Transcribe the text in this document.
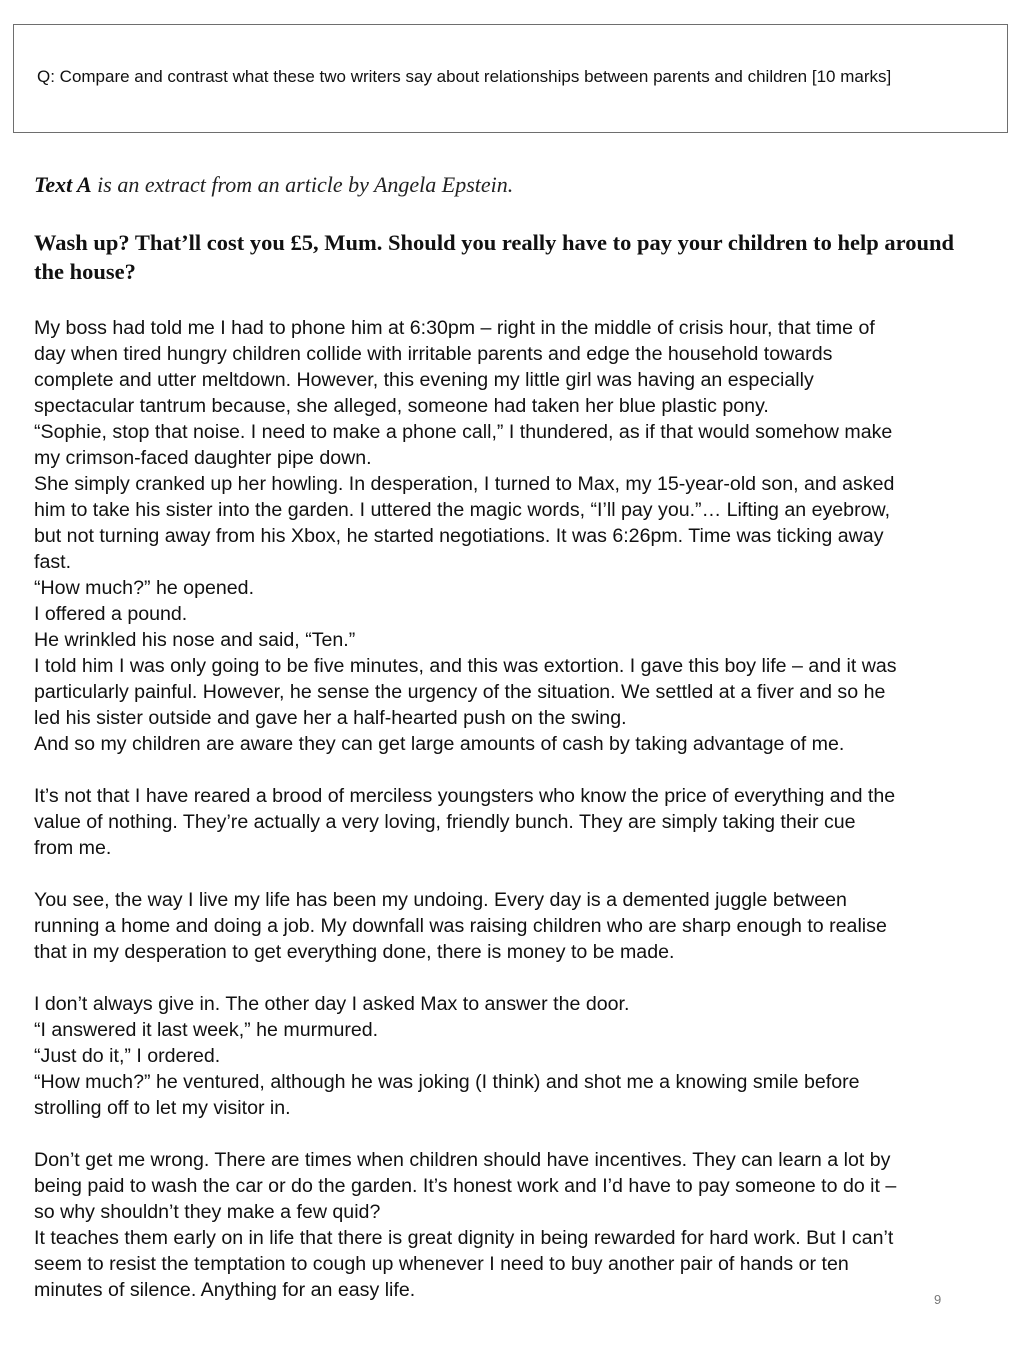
Q: Compare and contrast what these two writers say about relationships between parents and children [10 marks]
Text A is an extract from an article by Angela Epstein.
Wash up? That’ll cost you £5, Mum. Should you really have to pay your children to help around the house?
My boss had told me I had to phone him at 6:30pm – right in the middle of crisis hour, that time of
day when tired hungry children collide with irritable parents and edge the household towards
complete and utter meltdown. However, this evening my little girl was having an especially
spectacular tantrum because, she alleged, someone had taken her blue plastic pony.
“Sophie, stop that noise. I need to make a phone call,” I thundered, as if that would somehow make
my crimson-faced daughter pipe down.
She simply cranked up her howling. In desperation, I turned to Max, my 15-year-old son, and asked
him to take his sister into the garden. I uttered the magic words, “I’ll pay you.”… Lifting an eyebrow,
but not turning away from his Xbox, he started negotiations. It was 6:26pm. Time was ticking away
fast.
“How much?” he opened.
I offered a pound.
He wrinkled his nose and said, “Ten.”
I told him I was only going to be five minutes, and this was extortion. I gave this boy life – and it was
particularly painful. However, he sense the urgency of the situation. We settled at a fiver and so he
led his sister outside and gave her a half-hearted push on the swing.
And so my children are aware they can get large amounts of cash by taking advantage of me.
It’s not that I have reared a brood of merciless youngsters who know the price of everything and the
value of nothing. They’re actually a very loving, friendly bunch. They are simply taking their cue
from me.
You see, the way I live my life has been my undoing. Every day is a demented juggle between
running a home and doing a job. My downfall was raising children who are sharp enough to realise
that in my desperation to get everything done, there is money to be made.
I don’t always give in. The other day I asked Max to answer the door.
“I answered it last week,” he murmured.
“Just do it,” I ordered.
“How much?” he ventured, although he was joking (I think) and shot me a knowing smile before
strolling off to let my visitor in.
Don’t get me wrong. There are times when children should have incentives. They can learn a lot by
being paid to wash the car or do the garden. It’s honest work and I’d have to pay someone to do it –
so why shouldn’t they make a few quid?
It teaches them early on in life that there is great dignity in being rewarded for hard work. But I can’t
seem to resist the temptation to cough up whenever I need to buy another pair of hands or ten
minutes of silence. Anything for an easy life.	9
